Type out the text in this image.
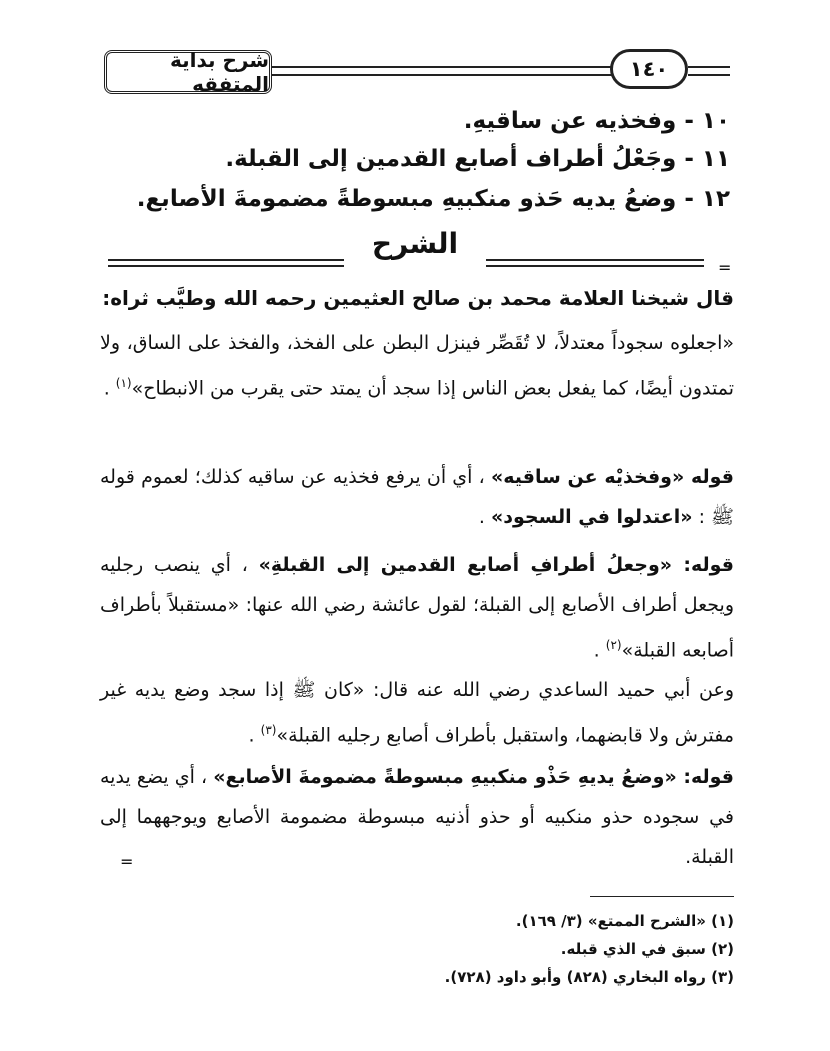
شرح بداية المتفقه
١٤٠
١٠ - وفخذيه عن ساقيهِ.
١١ - وجَعْلُ أطراف أصابع القدمين إلى القبلة.
١٢ - وضعُ يديه حَذو منكبيهِ مبسوطةً مضمومةَ الأصابع.
الشرح
=
قال شيخنا العلامة محمد بن صالح العثيمين رحمه الله وطيَّب ثراه:
«اجعلوه سجوداً معتدلاً، لا تُقَصِّر فينزل البطن على الفخذ، والفخذ على الساق، ولا تمتدون أيضًا، كما يفعل بعض الناس إذا سجد أن يمتد حتى يقرب من الانبطاح»$^{(١)}$ .
قوله «وفخذيْه عن ساقيه» ، أي أن يرفع فخذيه عن ساقيه كذلك؛ لعموم قوله ﷺ : «اعتدلوا في السجود» .
قوله: «وجعلُ أطرافِ أصابع القدمين إلى القبلةِ» ، أي ينصب رجليه ويجعل أطراف الأصابع إلى القبلة؛ لقول عائشة رضي الله عنها: «مستقبلاً بأطراف أصابعه القبلة»$^{(٢)}$ .
وعن أبي حميد الساعدي رضي الله عنه قال: «كان ﷺ إذا سجد وضع يديه غير مفترش ولا قابضهما، واستقبل بأطراف أصابع رجليه القبلة»$^{(٣)}$ .
قوله: «وضعُ يديهِ حَذْو منكبيهِ مبسوطةً مضمومةَ الأصابع» ، أي يضع يديه في سجوده حذو منكبيه أو حذو أذنيه مبسوطة مضمومة الأصابع ويوجههما إلى القبلة.
=
(١) «الشرح الممتع» (٣/ ١٦٩).
(٢) سبق في الذي قبله.
(٣) رواه البخاري (٨٢٨) وأبو داود (٧٢٨).
